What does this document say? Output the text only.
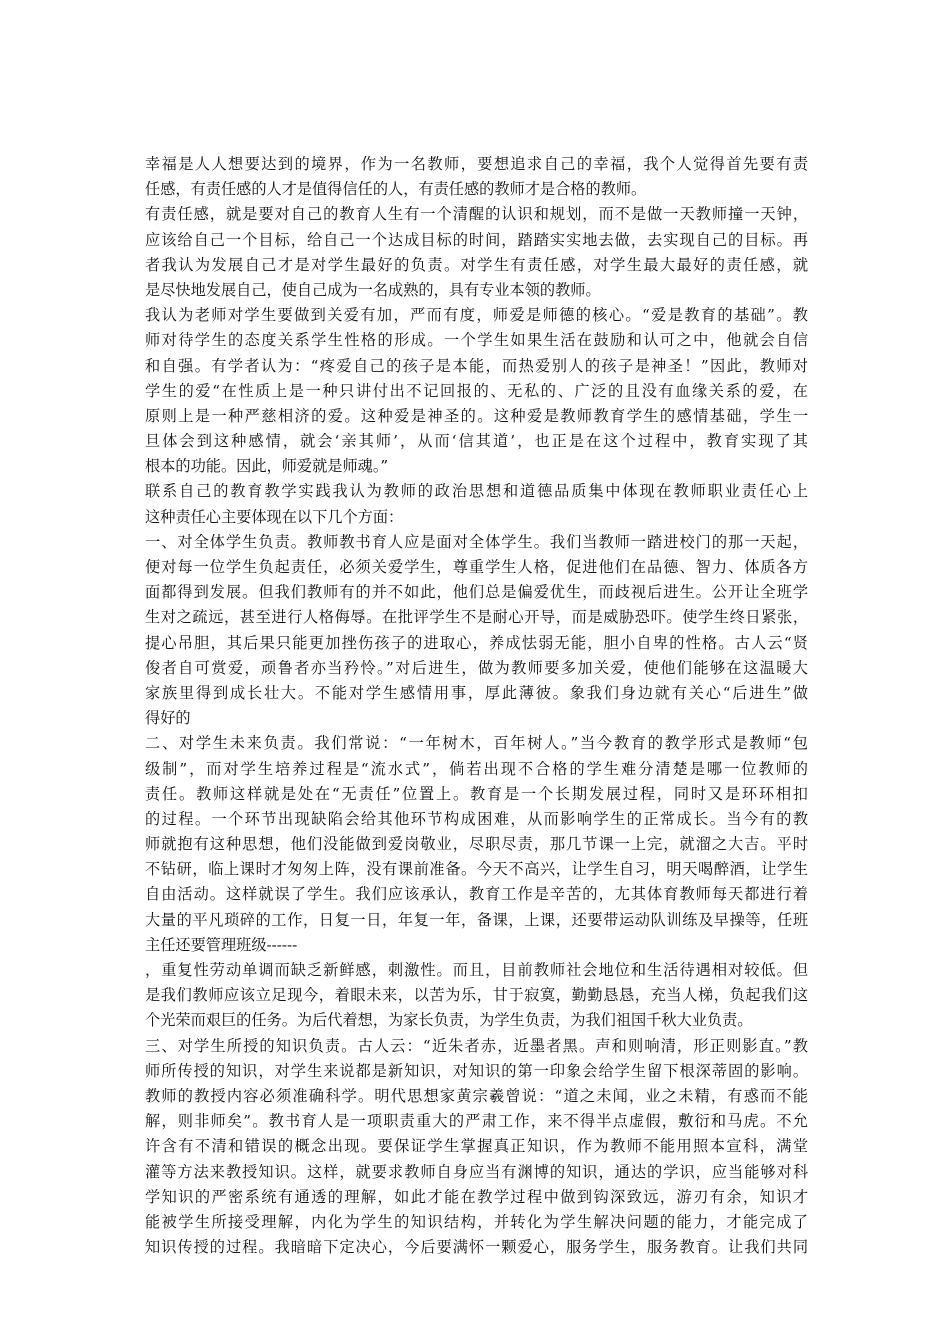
幸福是人人想要达到的境界，作为一名教师，要想追求自己的幸福，我个人觉得首先要有责
任感，有责任感的人才是值得信任的人，有责任感的教师才是合格的教师。
有责任感，就是要对自己的教育人生有一个清醒的认识和规划，而不是做一天教师撞一天钟，
应该给自己一个目标，给自己一个达成目标的时间，踏踏实实地去做，去实现自己的目标。再
者我认为发展自己才是对学生最好的负责。对学生有责任感，对学生最大最好的责任感，就
是尽快地发展自己，使自己成为一名成熟的，具有专业本领的教师。
我认为老师对学生要做到关爱有加，严而有度，师爱是师德的核心。“爱是教育的基础”。教
师对待学生的态度关系学生性格的形成。一个学生如果生活在鼓励和认可之中，他就会自信
和自强。有学者认为：“疼爱自己的孩子是本能，而热爱别人的孩子是神圣！”因此，教师对
学生的爱“在性质上是一种只讲付出不记回报的、无私的、广泛的且没有血缘关系的爱，在
原则上是一种严慈相济的爱。这种爱是神圣的。这种爱是教师教育学生的感情基础，学生一
旦体会到这种感情，就会‘亲其师’，从而‘信其道’，也正是在这个过程中，教育实现了其
根本的功能。因此，师爱就是师魂。”
联系自己的教育教学实践我认为教师的政治思想和道德品质集中体现在教师职业责任心上
这种责任心主要体现在以下几个方面：
一、对全体学生负责。教师教书育人应是面对全体学生。我们当教师一踏进校门的那一天起，
便对每一位学生负起责任，必须关爱学生，尊重学生人格，促进他们在品德、智力、体质各方
面都得到发展。但我们教师有的并不如此，他们总是偏爱优生，而歧视后进生。公开让全班学
生对之疏远，甚至进行人格侮辱。在批评学生不是耐心开导，而是威胁恐吓。使学生终日紧张，
提心吊胆，其后果只能更加挫伤孩子的进取心，养成怯弱无能，胆小自卑的性格。古人云“贤
俊者自可赏爱，顽鲁者亦当矜怜。”对后进生，做为教师要多加关爱，使他们能够在这温暖大
家族里得到成长壮大。不能对学生感情用事，厚此薄彼。象我们身边就有关心“后进生”做
得好的
二、对学生未来负责。我们常说：“一年树木，百年树人。”当今教育的教学形式是教师“包
级制”，而对学生培养过程是“流水式”，倘若出现不合格的学生难分清楚是哪一位教师的
责任。教师这样就是处在“无责任”位置上。教育是一个长期发展过程，同时又是环环相扣
的过程。一个环节出现缺陷会给其他环节构成困难，从而影响学生的正常成长。当今有的教
师就抱有这种思想，他们没能做到爱岗敬业，尽职尽责，那几节课一上完，就溜之大吉。平时
不钻研，临上课时才匆匆上阵，没有课前准备。今天不高兴，让学生自习，明天喝醉酒，让学生
自由活动。这样就误了学生。我们应该承认，教育工作是辛苦的，尢其体育教师每天都进行着
大量的平凡琐碎的工作，日复一日，年复一年，备课，上课，还要带运动队训练及早操等，任班
主任还要管理班级------
，重复性劳动单调而缺乏新鲜感，刺激性。而且，目前教师社会地位和生活待遇相对较低。但
是我们教师应该立足现今，着眼未来，以苦为乐，甘于寂寞，勤勤恳恳，充当人梯，负起我们这
个光荣而艰巨的任务。为后代着想，为家长负责，为学生负责，为我们祖国千秋大业负责。
三、对学生所授的知识负责。古人云：“近朱者赤，近墨者黑。声和则响清，形正则影直。”教
师所传授的知识，对学生来说都是新知识，对知识的第一印象会给学生留下根深蒂固的影响。
教师的教授内容必须准确科学。明代思想家黄宗羲曾说：“道之未闻，业之未精，有惑而不能
解，则非师矣”。教书育人是一项职责重大的严肃工作，来不得半点虚假，敷衍和马虎。不允
许含有不清和错误的概念出现。要保证学生掌握真正知识，作为教师不能用照本宣科，满堂
灌等方法来教授知识。这样，就要求教师自身应当有渊博的知识，通达的学识，应当能够对科
学知识的严密系统有通透的理解，如此才能在教学过程中做到钩深致远，游刃有余，知识才
能被学生所接受理解，内化为学生的知识结构，并转化为学生解决问题的能力，才能完成了
知识传授的过程。我暗暗下定决心，今后要满怀一颗爱心，服务学生，服务教育。让我们共同
